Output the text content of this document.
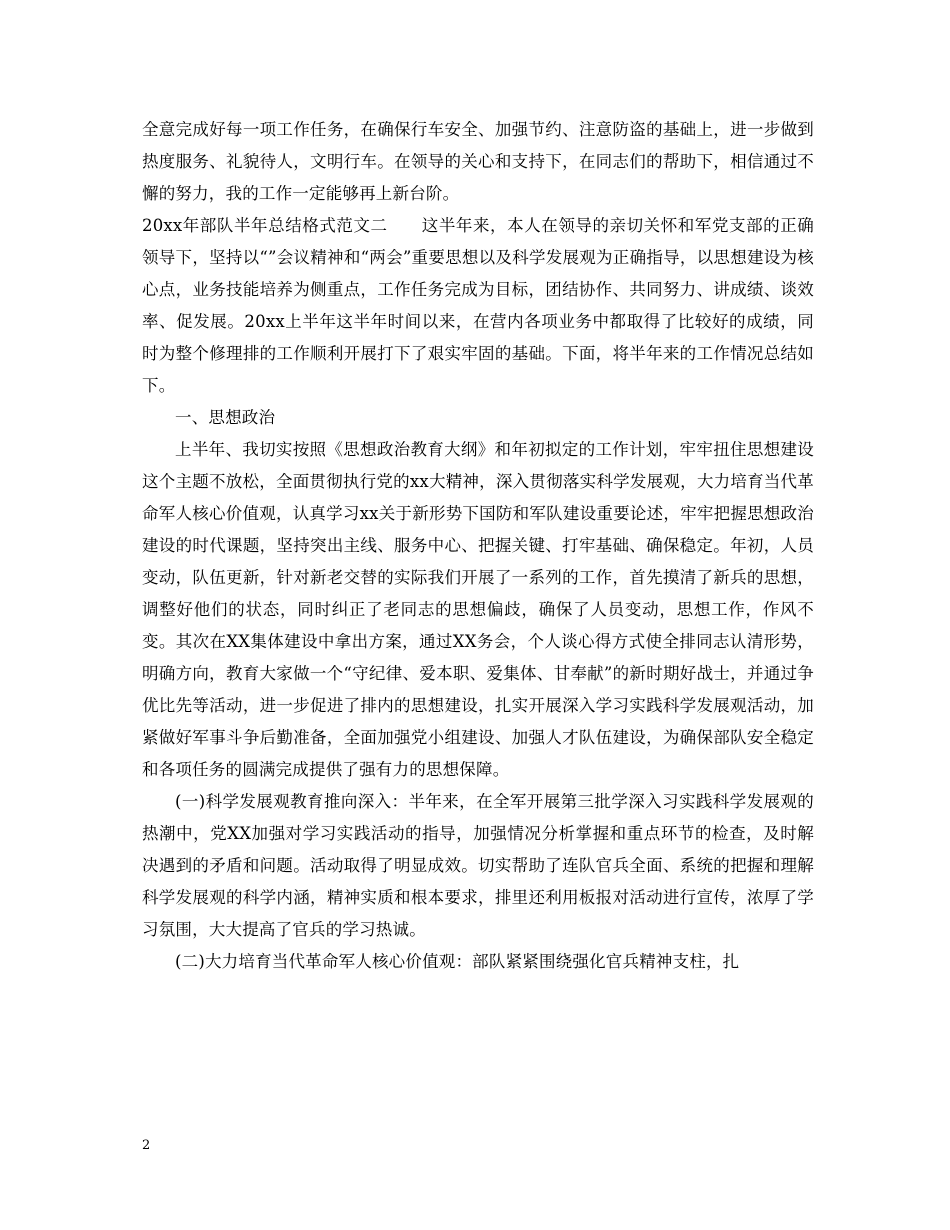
全意完成好每一项工作任务，在确保行车安全、加强节约、注意防盗的基础上，进一步做到热度服务、礼貌待人，文明行车。在领导的关心和支持下，在同志们的帮助下，相信通过不懈的努力，我的工作一定能够再上新台阶。

20xx年部队半年总结格式范文二　　这半年来，本人在领导的亲切关怀和军党支部的正确领导下，坚持以“”会议精神和“两会”重要思想以及科学发展观为正确指导，以思想建设为核心点，业务技能培养为侧重点，工作任务完成为目标，团结协作、共同努力、讲成绩、谈效率、促发展。20xx上半年这半年时间以来，在营内各项业务中都取得了比较好的成绩，同时为整个修理排的工作顺利开展打下了艰实牢固的基础。下面，将半年来的工作情况总结如下。

一、思想政治

上半年、我切实按照《思想政治教育大纲》和年初拟定的工作计划，牢牢扭住思想建设这个主题不放松，全面贯彻执行党的xx大精神，深入贯彻落实科学发展观，大力培育当代革命军人核心价值观，认真学习xx关于新形势下国防和军队建设重要论述，牢牢把握思想政治建设的时代课题，坚持突出主线、服务中心、把握关键、打牢基础、确保稳定。年初，人员变动，队伍更新，针对新老交替的实际我们开展了一系列的工作，首先摸清了新兵的思想，调整好他们的状态，同时纠正了老同志的思想偏歧，确保了人员变动，思想工作，作风不变。其次在XX集体建设中拿出方案，通过XX务会，个人谈心得方式使全排同志认清形势，明确方向，教育大家做一个“守纪律、爱本职、爱集体、甘奉献”的新时期好战士，并通过争优比先等活动，进一步促进了排内的思想建设，扎实开展深入学习实践科学发展观活动，加紧做好军事斗争后勤准备，全面加强党小组建设、加强人才队伍建设，为确保部队安全稳定和各项任务的圆满完成提供了强有力的思想保障。

(一)科学发展观教育推向深入：半年来，在全军开展第三批学深入习实践科学发展观的热潮中，党XX加强对学习实践活动的指导，加强情况分析掌握和重点环节的检查，及时解决遇到的矛盾和问题。活动取得了明显成效。切实帮助了连队官兵全面、系统的把握和理解科学发展观的科学内涵，精神实质和根本要求，排里还利用板报对活动进行宣传，浓厚了学习氛围，大大提高了官兵的学习热诚。

(二)大力培育当代革命军人核心价值观：部队紧紧围绕强化官兵精神支柱，扎

2
